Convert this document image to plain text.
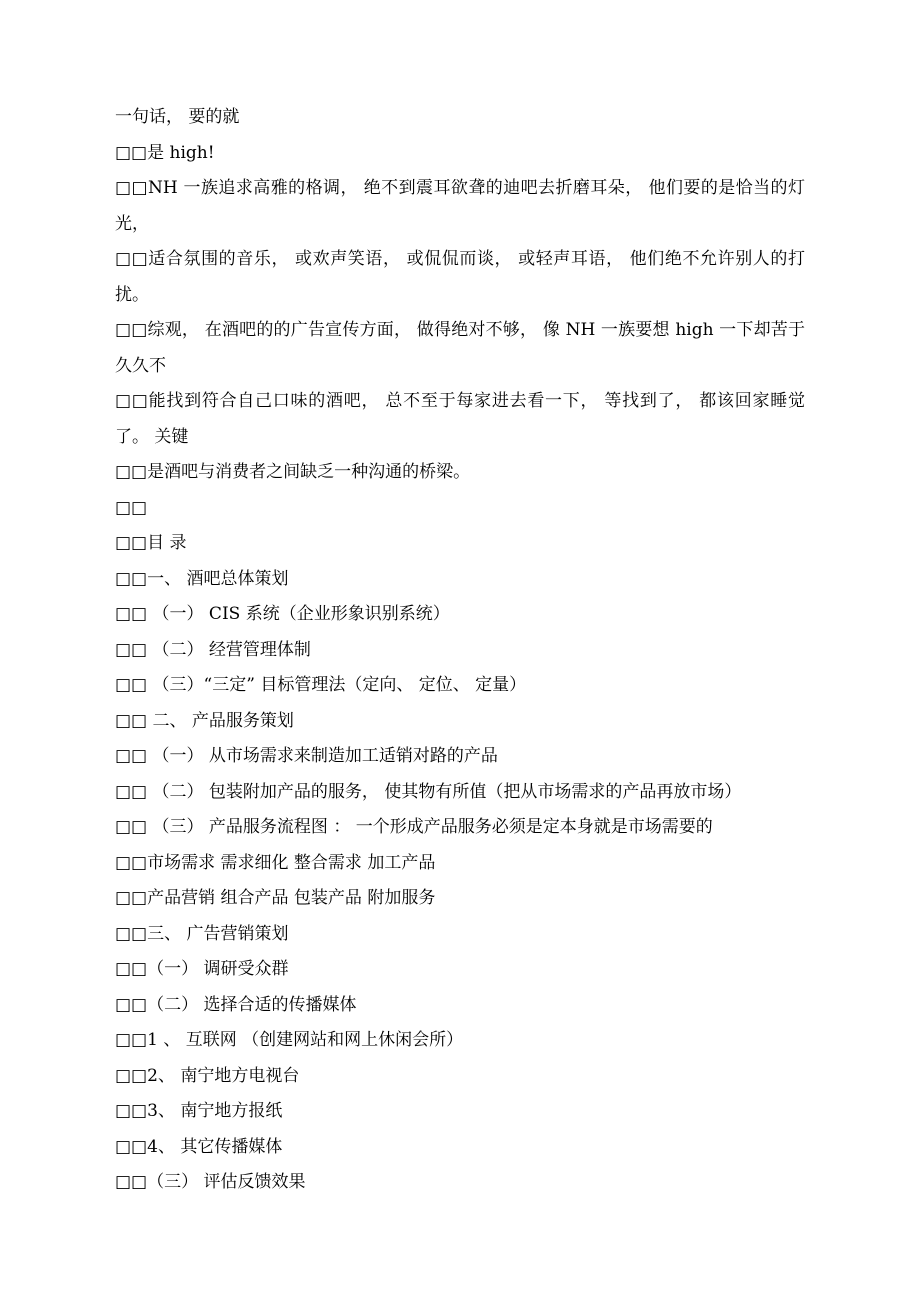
一句话， 要的就
□□是 high!
□□NH 一族追求高雅的格调， 绝不到震耳欲聋的迪吧去折磨耳朵， 他们要的是恰当的灯光，
□□适合氛围的音乐， 或欢声笑语， 或侃侃而谈， 或轻声耳语， 他们绝不允许别人的打扰。
□□综观， 在酒吧的的广告宣传方面， 做得绝对不够， 像 NH 一族要想 high 一下却苦于久久不
□□能找到符合自己口味的酒吧， 总不至于每家进去看一下， 等找到了， 都该回家睡觉了。 关键
□□是酒吧与消费者之间缺乏一种沟通的桥梁。
□□
□□目 录
□□一、 酒吧总体策划
□□ （一） CIS 系统（企业形象识别系统）
□□ （二） 经营管理体制
□□ （三）“三定” 目标管理法（定向、 定位、 定量）
□□ 二、 产品服务策划
□□ （一） 从市场需求来制造加工适销对路的产品
□□ （二） 包装附加产品的服务， 使其物有所值（把从市场需求的产品再放市场）
□□ （三） 产品服务流程图 ： 一个形成产品服务必须是定本身就是市场需要的
□□市场需求 需求细化 整合需求 加工产品
□□产品营销 组合产品 包装产品 附加服务
□□三、 广告营销策划
□□（一） 调研受众群
□□（二） 选择合适的传播媒体
□□1 、 互联网 （创建网站和网上休闲会所）
□□2、 南宁地方电视台
□□3、 南宁地方报纸
□□4、 其它传播媒体
□□（三） 评估反馈效果
